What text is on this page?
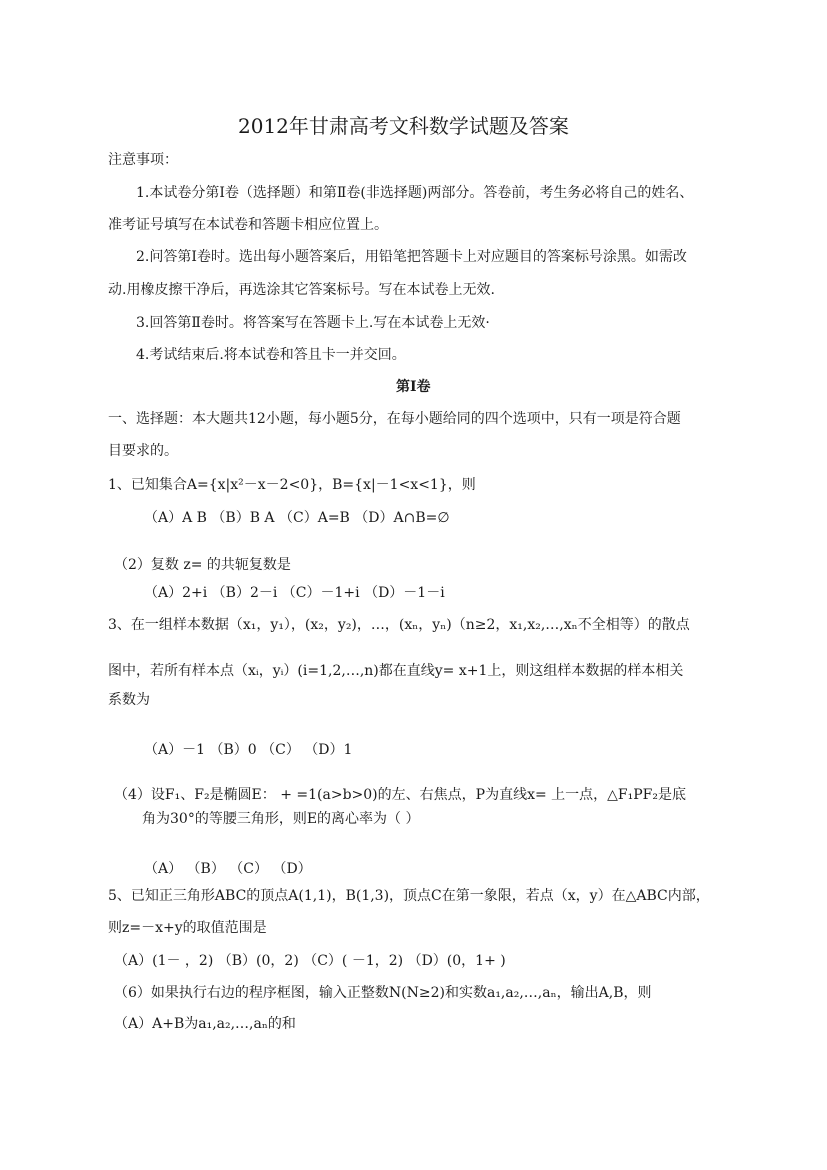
2012年甘肃高考文科数学试题及答案
注意事项：
1.本试卷分第Ⅰ卷（选择题）和第Ⅱ卷(非选择题)两部分。答卷前，考生务必将自己的姓名、
准考证号填写在本试卷和答题卡相应位置上。
2.问答第Ⅰ卷时。选出每小题答案后，用铅笔把答题卡上对应题目的答案标号涂黑。如需改
动.用橡皮擦干净后，再选涂其它答案标号。写在本试卷上无效.
3.回答第Ⅱ卷时。将答案写在答题卡上.写在本试卷上无效·
4.考试结束后.将本试卷和答且卡一并交回。
第Ⅰ卷
一、选择题：本大题共12小题，每小题5分，在每小题给同的四个选项中，只有一项是符合题
目要求的。
1、已知集合A={x|x²－x－2<0}，B={x|－1<x<1}，则
（A）A B （B）B A （C）A=B （D）A∩B=∅
（2）复数 z= 的共轭复数是
（A）2+i （B）2－i （C）－1+i （D）－1－i
3、在一组样本数据（x₁，y₁），(x₂，y₂)，…，(xₙ，yₙ)（n≥2，x₁,x₂,…,xₙ不全相等）的散点
图中，若所有样本点（xᵢ，yᵢ）(i=1,2,…,n)都在直线y= x+1上，则这组样本数据的样本相关
系数为
（A）－1 （B）0 （C） （D）1
（4）设F₁、F₂是椭圆E： + =1(a>b>0)的左、右焦点，P为直线x= 上一点，△F₁PF₂是底
角为30°的等腰三角形，则E的离心率为（ ）
（A） （B） （C） （D）
5、已知正三角形ABC的顶点A(1,1)，B(1,3)，顶点C在第一象限，若点（x，y）在△ABC内部，
则z=－x+y的取值范围是
（A）(1－ ，2) （B）(0，2) （C）( －1，2) （D）(0，1+ )
（6）如果执行右边的程序框图，输入正整数N(N≥2)和实数a₁,a₂,…,aₙ，输出A,B，则
（A）A+B为a₁,a₂,…,aₙ的和
